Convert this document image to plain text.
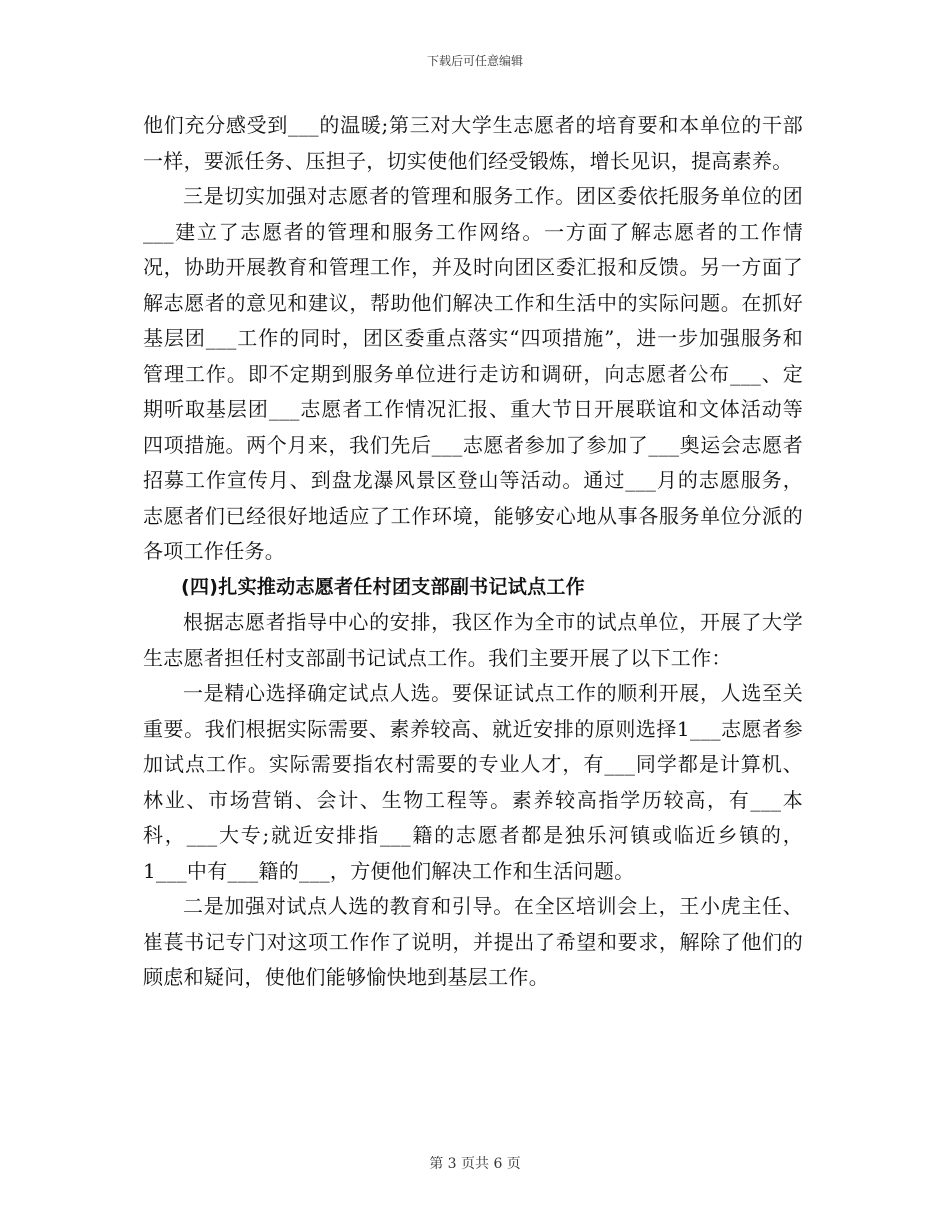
下载后可任意编辑

他们充分感受到___的温暖;第三对大学生志愿者的培育要和本单位的干部一样，要派任务、压担子，切实使他们经受锻炼，增长见识，提高素养。

三是切实加强对志愿者的管理和服务工作。团区委依托服务单位的团___建立了志愿者的管理和服务工作网络。一方面了解志愿者的工作情况，协助开展教育和管理工作，并及时向团区委汇报和反馈。另一方面了解志愿者的意见和建议，帮助他们解决工作和生活中的实际问题。在抓好基层团___工作的同时，团区委重点落实“四项措施”，进一步加强服务和管理工作。即不定期到服务单位进行走访和调研，向志愿者公布___、定期听取基层团___志愿者工作情况汇报、重大节日开展联谊和文体活动等四项措施。两个月来，我们先后___志愿者参加了参加了___奥运会志愿者招募工作宣传月、到盘龙瀑风景区登山等活动。通过___月的志愿服务，志愿者们已经很好地适应了工作环境，能够安心地从事各服务单位分派的各项工作任务。

(四)扎实推动志愿者任村团支部副书记试点工作

根据志愿者指导中心的安排，我区作为全市的试点单位，开展了大学生志愿者担任村支部副书记试点工作。我们主要开展了以下工作：

一是精心选择确定试点人选。要保证试点工作的顺利开展，人选至关重要。我们根据实际需要、素养较高、就近安排的原则选择1___志愿者参加试点工作。实际需要指农村需要的专业人才，有___同学都是计算机、林业、市场营销、会计、生物工程等。素养较高指学历较高，有___本科，___大专;就近安排指___籍的志愿者都是独乐河镇或临近乡镇的，1___中有___籍的___，方便他们解决工作和生活问题。

二是加强对试点人选的教育和引导。在全区培训会上，王小虎主任、崔萇书记专门对这项工作作了说明，并提出了希望和要求，解除了他们的顾虑和疑问，使他们能够愉快地到基层工作。

第 3 页共 6 页
